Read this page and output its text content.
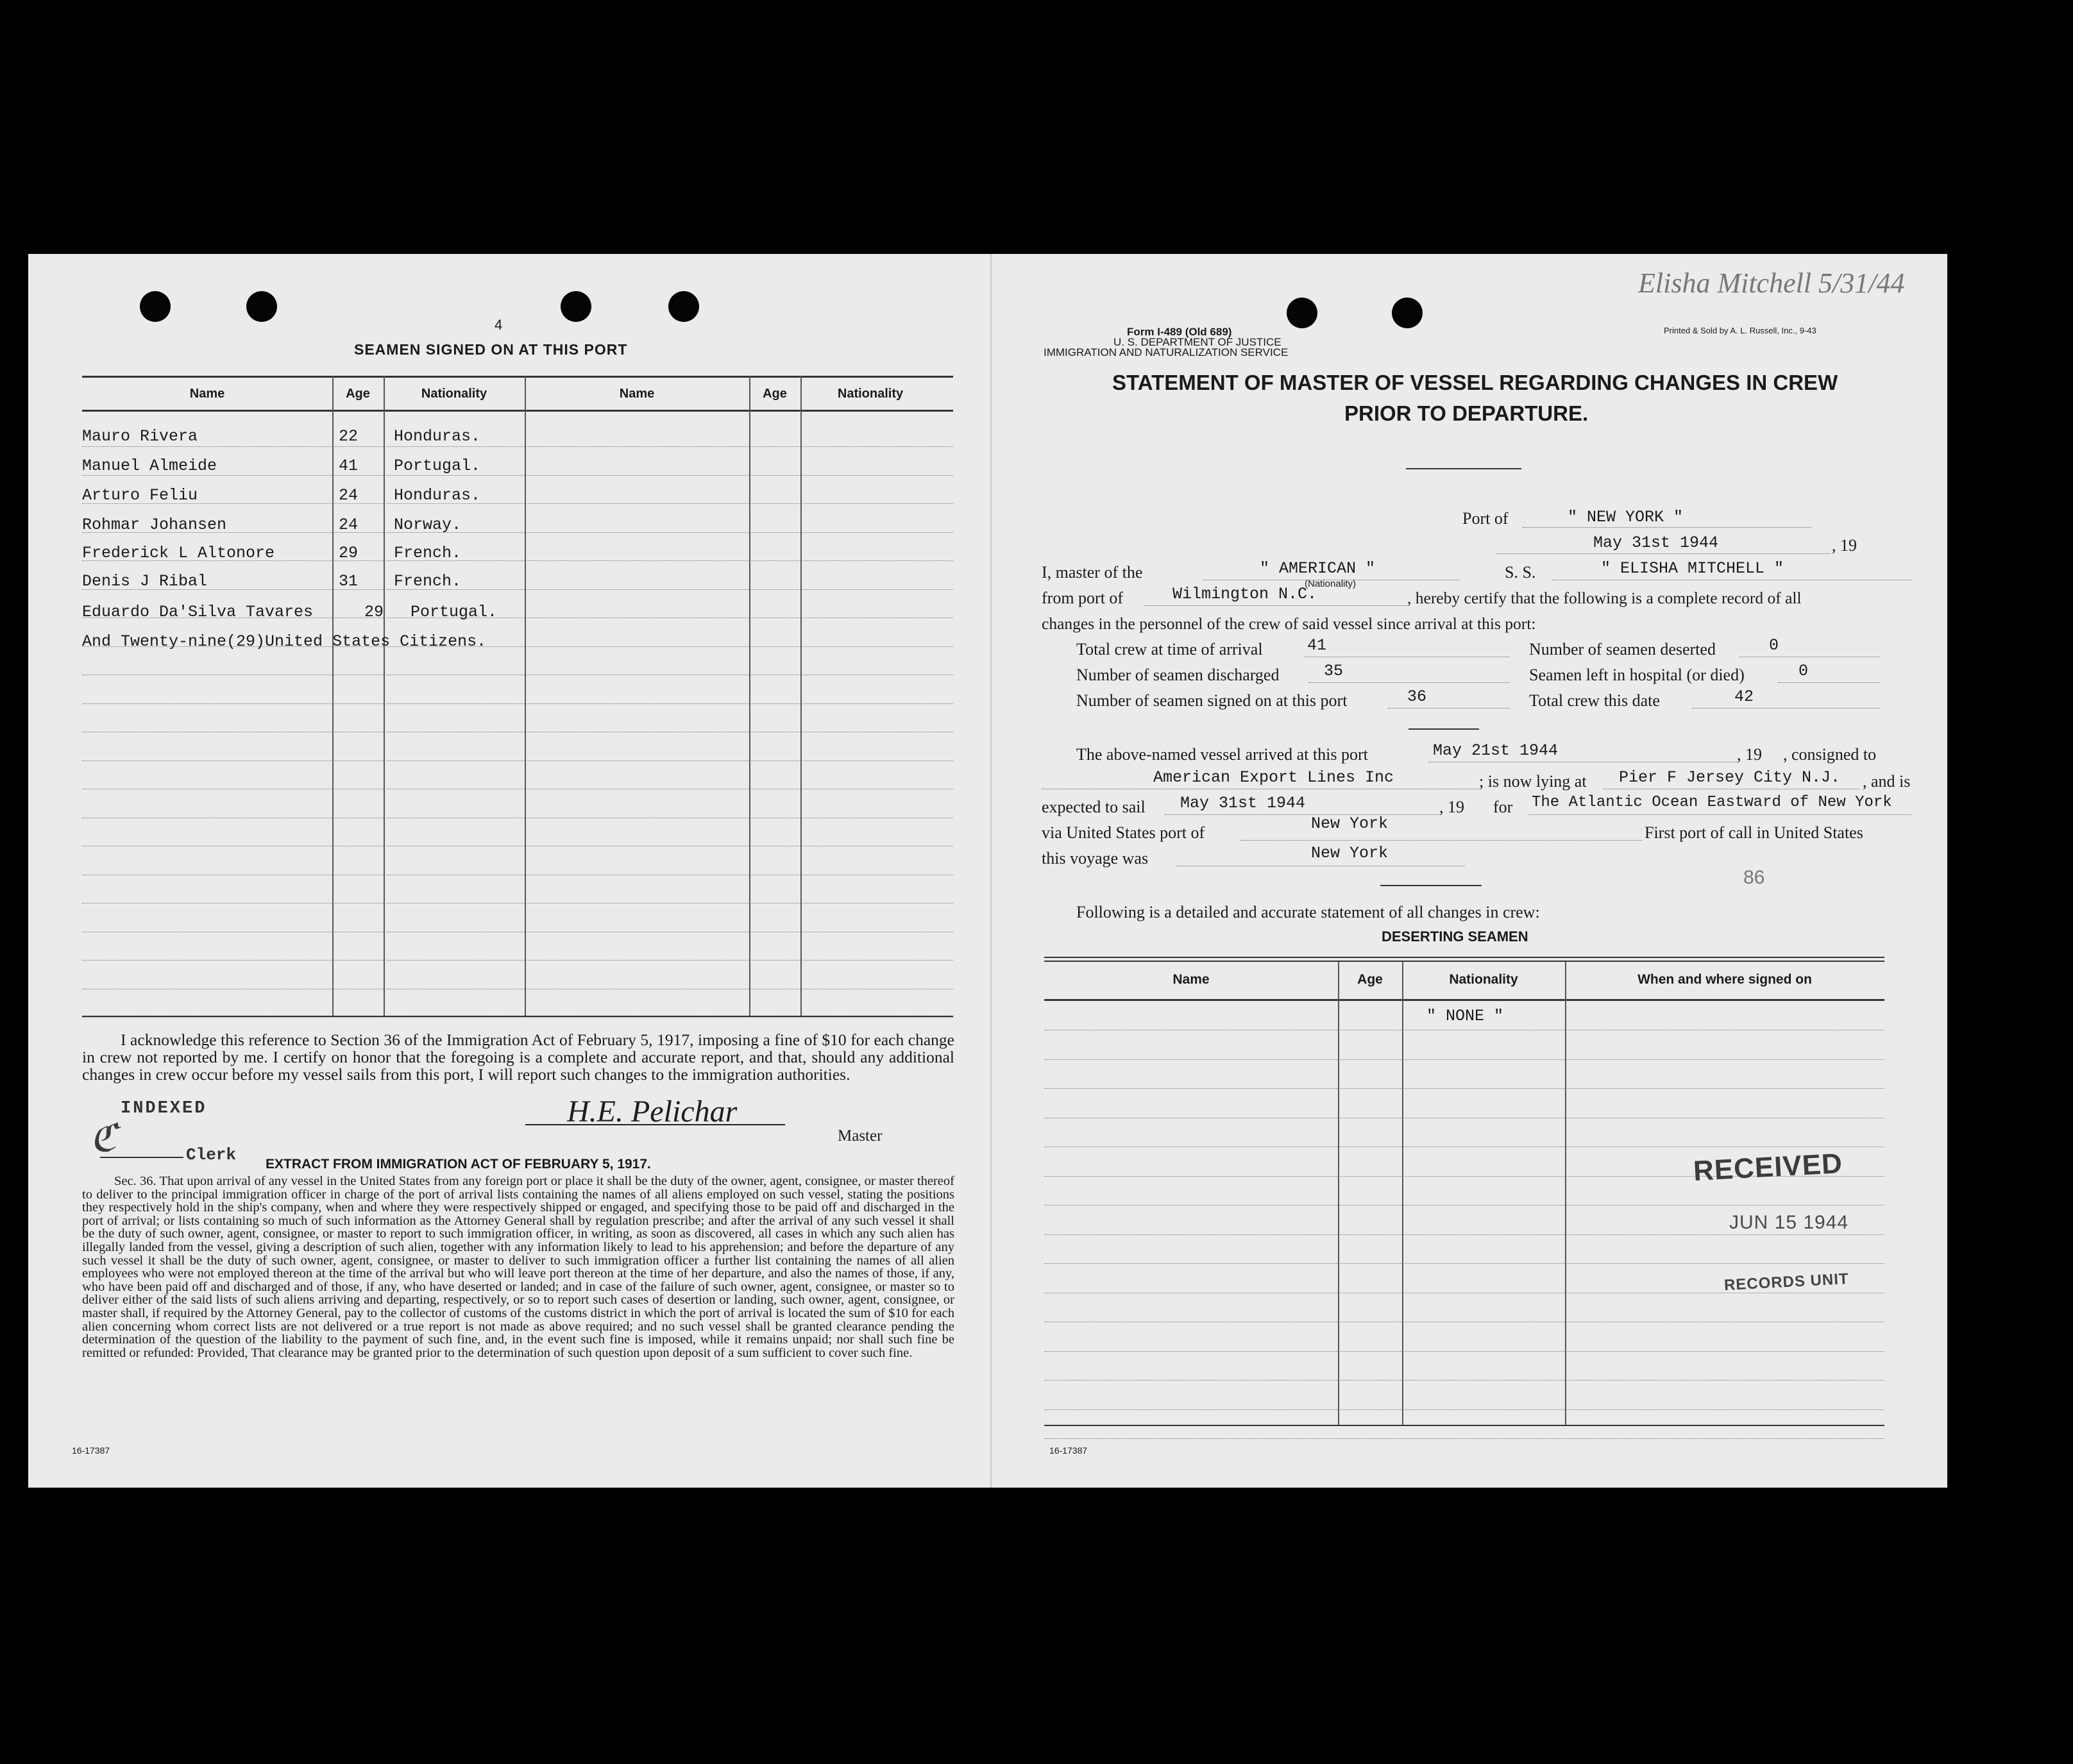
4
SEAMEN SIGNED ON AT THIS PORT
Name	Age	Nationality	Name	Age	Nationality
Mauro Rivera	22 Honduras.
Manuel Almeide	41 Portugal.
Arturo Feliu	24 Honduras.
Rohmar Johansen	24 Norway.
Frederick L Altonore	29 French.
Denis J Ribal	31 French.
Eduardo Da'Silva Tavares	29 Portugal.
And Twenty-nine(29)United States Citizens.
I acknowledge this reference to Section 36 of the Immigration Act of February 5, 1917, imposing a fine of $10 for each change in crew not reported by me. I certify on honor that the foregoing is a complete and accurate report, and that, should any additional changes in crew occur before my vessel sails from this port, I will report such changes to the immigration authorities.
INDEXED
ℭ	Clerk
H.E. Pelichar
Master
EXTRACT FROM IMMIGRATION ACT OF FEBRUARY 5, 1917.
Sec. 36. That upon arrival of any vessel in the United States from any foreign port or place it shall be the duty of the owner, agent, consignee, or master thereof to deliver to the principal immigration officer in charge of the port of arrival lists containing the names of all aliens employed on such vessel, stating the positions they respectively hold in the ship's company, when and where they were respectively shipped or engaged, and specifying those to be paid off and discharged in the port of arrival; or lists containing so much of such information as the Attorney General shall by regulation prescribe; and after the arrival of any such vessel it shall be the duty of such owner, agent, consignee, or master to report to such immigration officer, in writing, as soon as discovered, all cases in which any such alien has illegally landed from the vessel, giving a description of such alien, together with any information likely to lead to his apprehension; and before the departure of any such vessel it shall be the duty of such owner, agent, consignee, or master to deliver to such immigration officer a further list containing the names of all alien employees who were not employed thereon at the time of the arrival but who will leave port thereon at the time of her departure, and also the names of those, if any, who have been paid off and discharged and of those, if any, who have deserted or landed; and in case of the failure of such owner, agent, consignee, or master so to deliver either of the said lists of such aliens arriving and departing, respectively, or so to report such cases of desertion or landing, such owner, agent, consignee, or master shall, if required by the Attorney General, pay to the collector of customs of the customs district in which the port of arrival is located the sum of $10 for each alien concerning whom correct lists are not delivered or a true report is not made as above required; and no such vessel shall be granted clearance pending the determination of the question of the liability to the payment of such fine, and, in the event such fine is imposed, while it remains unpaid; nor shall such fine be remitted or refunded: Provided, That clearance may be granted prior to the determination of such question upon deposit of a sum sufficient to cover such fine.
16-17387
Elisha Mitchell 5/31/44
Form I-489 (Old 689)	Printed & Sold by A. L. Russell, Inc., 9-43
U. S. DEPARTMENT OF JUSTICE
IMMIGRATION AND NATURALIZATION SERVICE
STATEMENT OF MASTER OF VESSEL REGARDING CHANGES IN CREW
PRIOR TO DEPARTURE.
Port of	" NEW YORK "
May 31st 1944	, 19
I, master of the	" AMERICAN "
(Nationality)
S. S.	" ELISHA MITCHELL "
from port of	Wilmington N.C.	, hereby certify that the following is a complete record of all
changes in the personnel of the crew of said vessel since arrival at this port:
Total crew at time of arrival	41	Number of seamen deserted	0
Number of seamen discharged	35	Seamen left in hospital (or died)	0
Number of seamen signed on at this port	36	Total crew this date	42
The above-named vessel arrived at this port	May 21st 1944	, 19 , consigned to
American Export Lines Inc	; is now lying at Pier F Jersey City N.J. , and is
expected to sail May 31st 1944	, 19 for The Atlantic Ocean Eastward of New York
via United States port of	New York	First port of call in United States
this voyage was	New York
86
Following is a detailed and accurate statement of all changes in crew:
DESERTING SEAMEN
Name	Age	Nationality	When and where signed on
" NONE "
RECEIVED
JUN 15 1944
RECORDS UNIT
16-17387
